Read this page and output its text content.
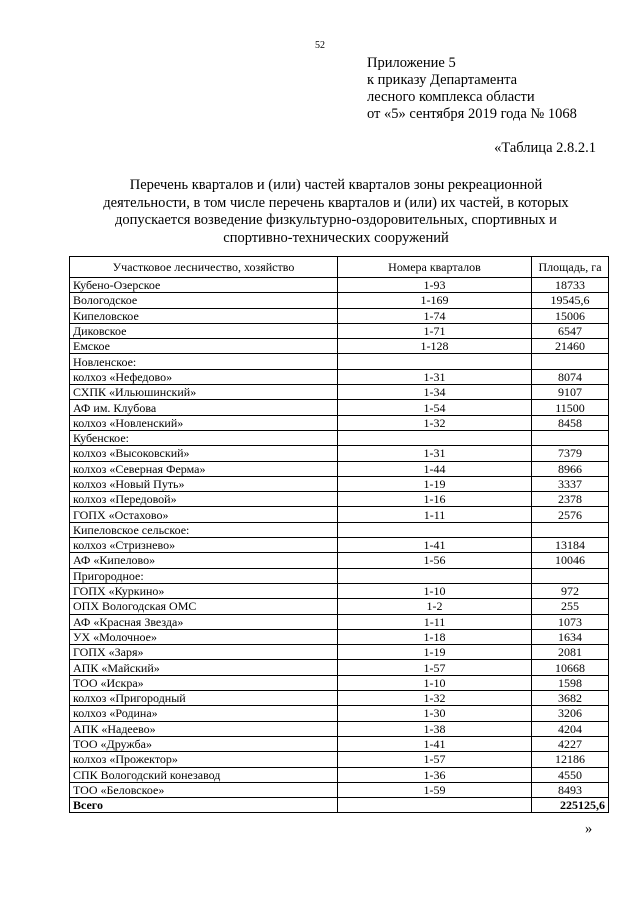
52
Приложение 5
к приказу Департамента
лесного комплекса области
от «5» сентября 2019 года № 1068
«Таблица 2.8.2.1
Перечень кварталов и (или) частей кварталов зоны рекреационной
деятельности, в том числе перечень кварталов и (или) их частей, в которых
допускается возведение физкультурно-оздоровительных, спортивных и
спортивно-технических сооружений
Участковое лесничество, хозяйство	Номера кварталов	Площадь, га
Кубено-Озерское	1-93	18733
Вологодское	1-169	19545,6
Кипеловское	1-74	15006
Диковское	1-71	6547
Емское	1-128	21460
Новленское:		
колхоз «Нефедово»	1-31	8074
СХПК «Ильюшинский»	1-34	9107
АФ им. Клубова	1-54	11500
колхоз «Новленский»	1-32	8458
Кубенское:		
колхоз «Высоковский»	1-31	7379
колхоз «Северная Ферма»	1-44	8966
колхоз «Новый Путь»	1-19	3337
колхоз «Передовой»	1-16	2378
ГОПХ «Остахово»	1-11	2576
Кипеловское сельское:		
колхоз «Стризнево»	1-41	13184
АФ «Кипелово»	1-56	10046
Пригородное:		
ГОПХ «Куркино»	1-10	972
ОПХ Вологодская ОМС	1-2	255
АФ «Красная Звезда»	1-11	1073
УХ «Молочное»	1-18	1634
ГОПХ «Заря»	1-19	2081
АПК «Майский»	1-57	10668
ТОО «Искра»	1-10	1598
колхоз «Пригородный	1-32	3682
колхоз «Родина»	1-30	3206
АПК «Надеево»	1-38	4204
ТОО «Дружба»	1-41	4227
колхоз «Прожектор»	1-57	12186
СПК Вологодский конезавод	1-36	4550
ТОО «Беловское»	1-59	8493
Всего		225125,6
»
